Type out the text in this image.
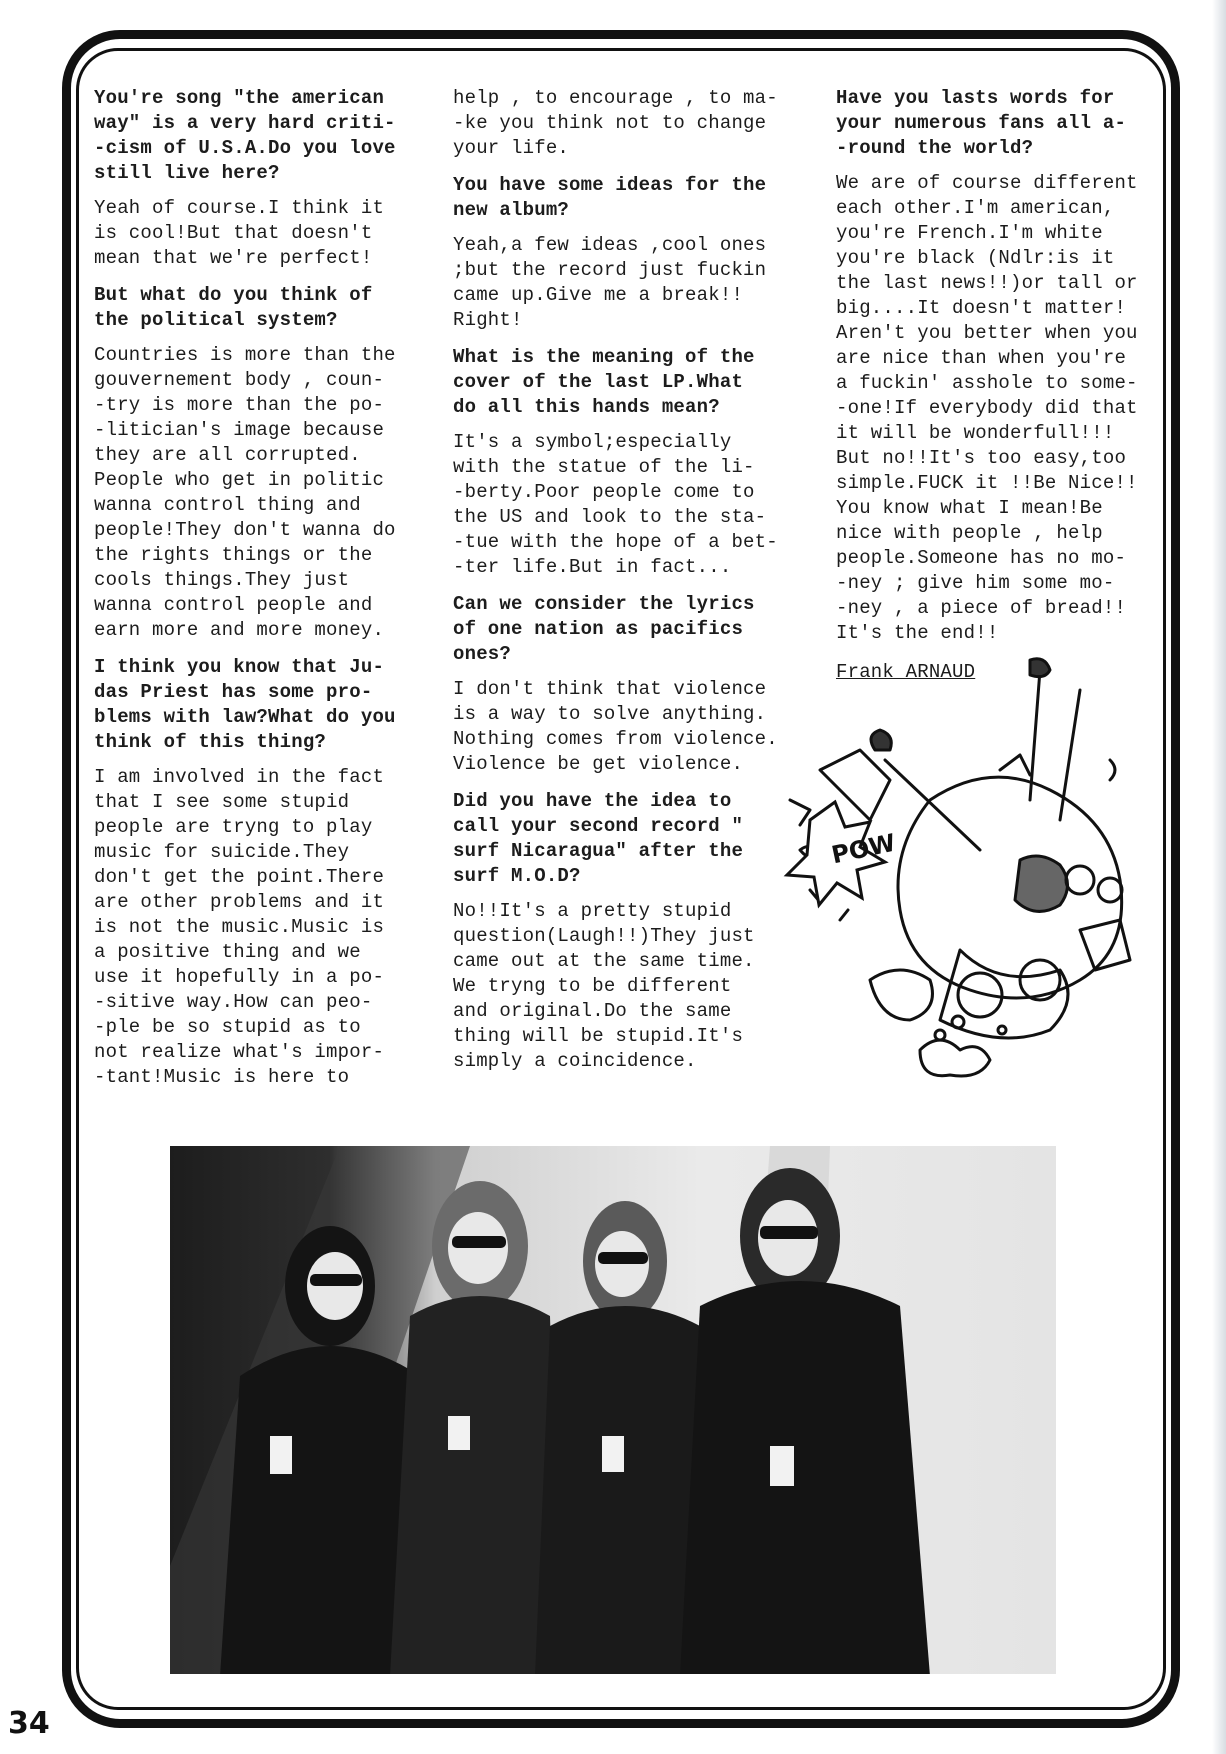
You're song "the american
way" is a very hard criti-
-cism of U.S.A.Do you love
still live here?

Yeah of course.I think it
is cool!But that doesn't
mean that we're perfect!

But what do you think of
the political system?

Countries is more than the
gouvernement body , coun-
-try is more than the po-
-litician's image because
they are all corrupted.
People who get in politic
wanna control thing and
people!They don't wanna do
the rights things or the
cools things.They just
wanna control people and
earn more and more money.

I think you know that Ju-
das Priest has some pro-
blems with law?What do you
think of this thing?

I am involved in the fact
that I see some stupid
people are tryng to play
music for suicide.They
don't get the point.There
are other problems and it
is not the music.Music is
a positive thing and we
use it hopefully in a po-
-sitive way.How can peo-
-ple be so stupid as to
not realize what's impor-
-tant!Music is here to

help , to encourage , to ma-
-ke you think not to change
your life.

You have some ideas for the
new album?

Yeah,a few ideas ,cool ones
;but the record just fuckin
came up.Give me a break!!
Right!

What is the meaning of the
cover of the last LP.What
do all this hands mean?

It's a symbol;especially
with the statue of the li-
-berty.Poor people come to
the US and look to the sta-
-tue with the hope of a bet-
-ter life.But in fact...

Can we consider the lyrics
of one nation as pacifics
ones?

I don't think that violence
is a way to solve anything.
Nothing comes from violence.
Violence be get violence.

Did you have the idea to
call your second record "
surf Nicaragua" after the
surf M.O.D?

No!!It's a pretty stupid
question(Laugh!!)They just
came out at the same time.
We tryng to be different
and original.Do the same
thing will be stupid.It's
simply a coincidence.

Have you lasts words for
your numerous fans all a-
-round the world?

We are of course different
each other.I'm american,
you're French.I'm white
you're black (Ndlr:is it
the last news!!)or tall or
big....It doesn't matter!
Aren't you better when you
are nice than when you're
a fuckin' asshole to some-
-one!If everybody did that
it will be wonderfull!!!
But no!!It's too easy,too
simple.FUCK it !!Be Nice!!
You know what I mean!Be
nice with people , help
people.Someone has no mo-
-ney ; give him some mo-
-ney , a piece of bread!!
It's the end!!

Frank ARNAUD
POW
34
